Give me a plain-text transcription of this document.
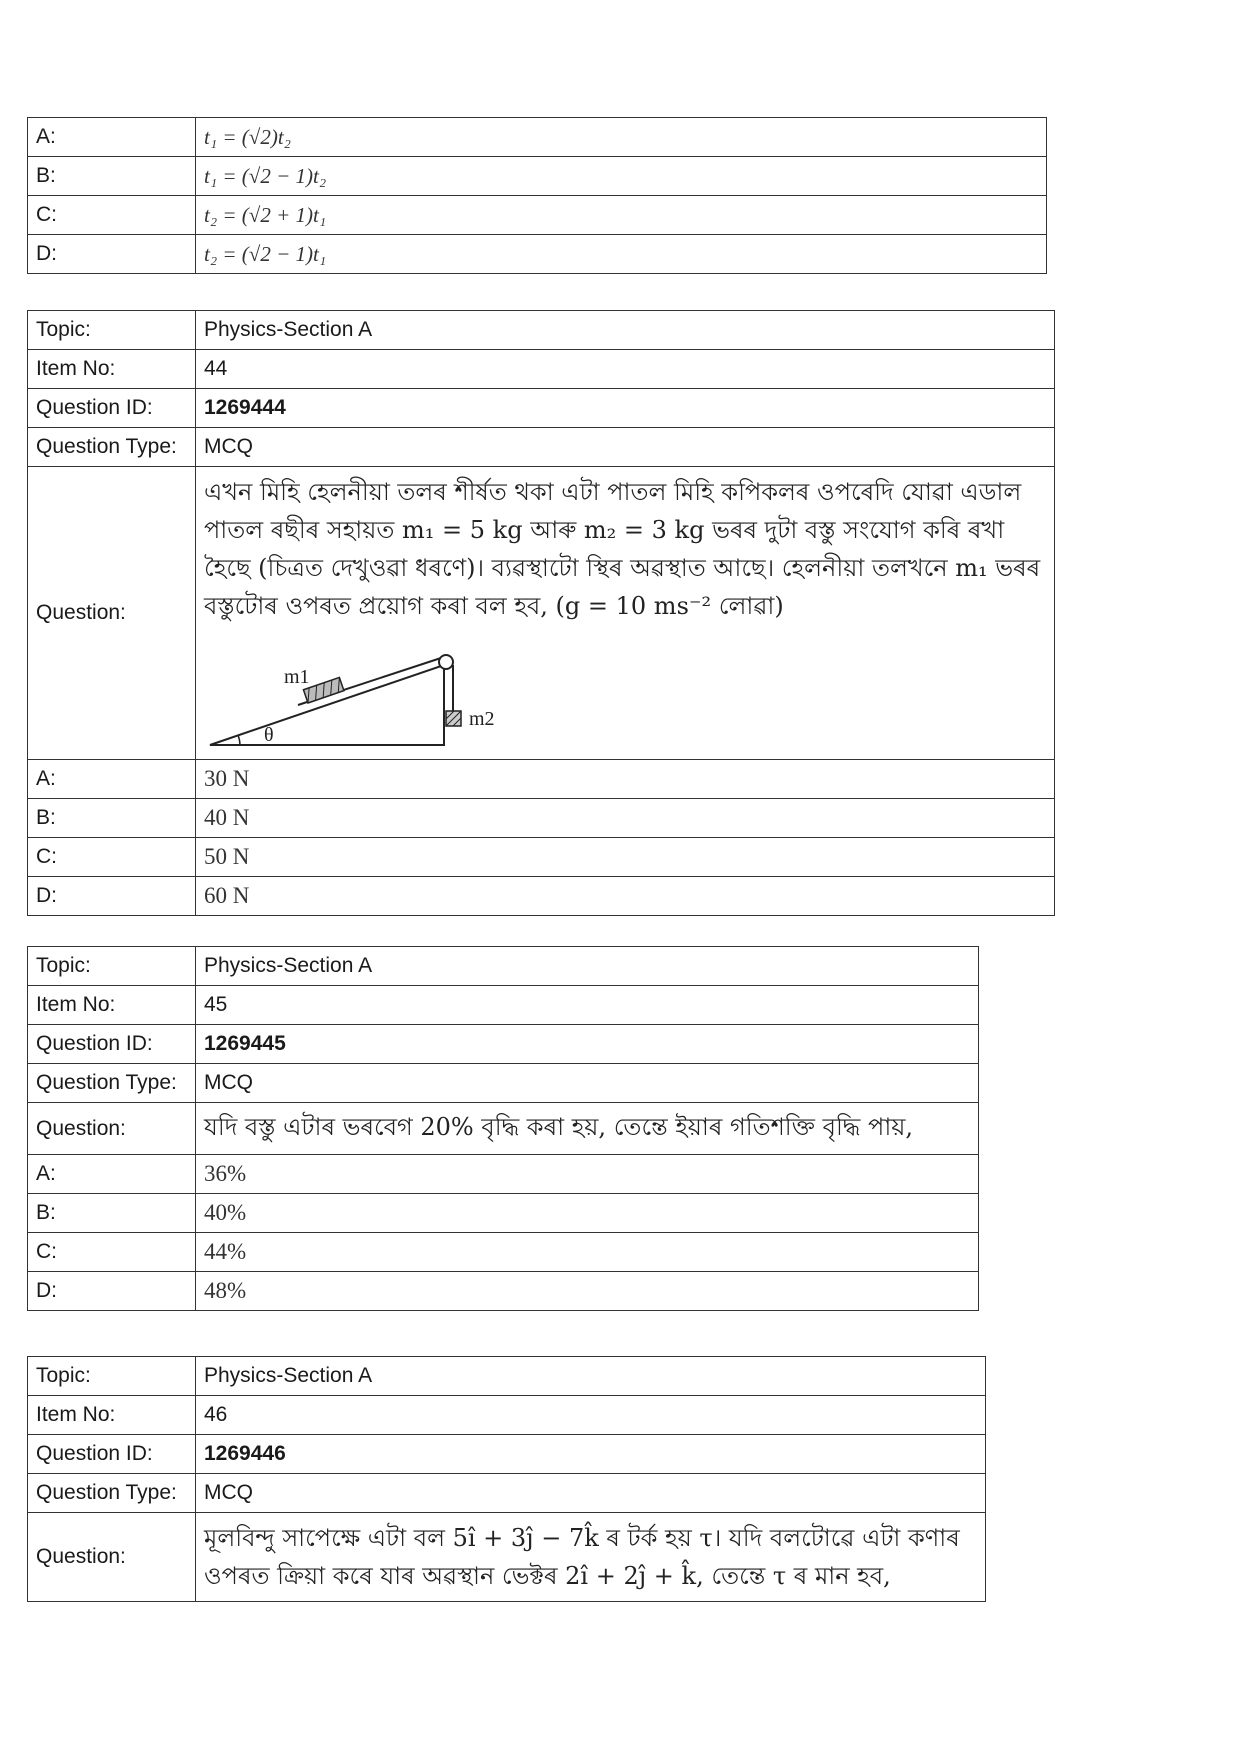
A:	t₁ = (√2)t₂
B:	t₁ = (√2 − 1)t₂
C:	t₂ = (√2 + 1)t₁
D:	t₂ = (√2 − 1)t₁
Topic:	Physics-Section A
Item No:	44
Question ID:	1269444
Question Type:	MCQ
Question:	এখন মিহি হেলনীয়া তলৰ শীৰ্ষত থকা এটা পাতল মিহি কপিকলৰ ওপৰেদি যোৱা এডাল পাতল ৰছীৰ সহায়ত m₁ = 5 kg আৰু m₂ = 3 kg ভৰৰ দুটা বস্তু সংযোগ কৰি ৰখা হৈছে (চিত্ৰত দেখুওৱা ধৰণে)। ব্যৱস্থাটো স্থিৰ অৱস্থাত আছে। হেলনীয়া তলখনে m₁ ভৰৰ বস্তুটোৰ ওপৰত প্ৰয়োগ কৰা বল হব, (g = 10 ms⁻² লোৱা)
m1
m2
θ

A:	30 N
B:	40 N
C:	50 N
D:	60 N
Topic:	Physics-Section A
Item No:	45
Question ID:	1269445
Question Type:	MCQ
Question:	যদি বস্তু এটাৰ ভৰবেগ 20% বৃদ্ধি কৰা হয়, তেন্তে ইয়াৰ গতিশক্তি বৃদ্ধি পায়,

A:	36%
B:	40%
C:	44%
D:	48%
Topic:	Physics-Section A
Item No:	46
Question ID:	1269446
Question Type:	MCQ
Question:	মূলবিন্দু সাপেক্ষে এটা বল 5î + 3ĵ − 7k̂ ৰ টৰ্ক হয় τ। যদি বলটোৱে এটা কণাৰ ওপৰত ক্ৰিয়া কৰে যাৰ অৱস্থান ভেক্টৰ 2î + 2ĵ + k̂, তেন্তে τ ৰ মান হব,
